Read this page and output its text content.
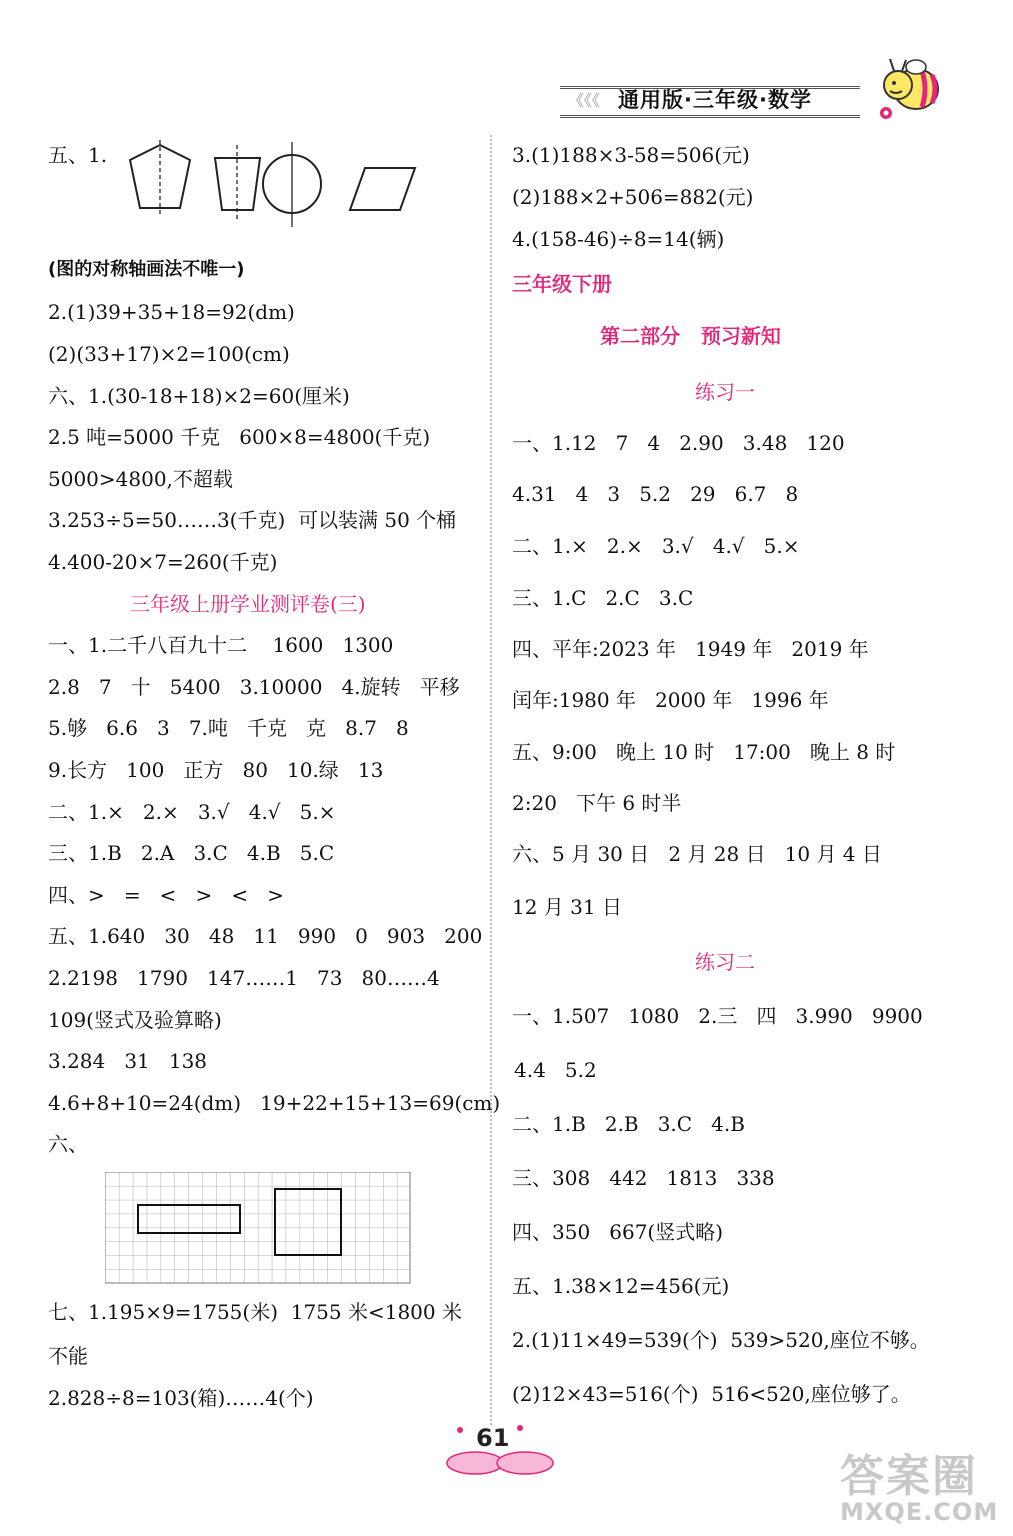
《《《 通用版·三年级·数学
五、1.
(图的对称轴画法不唯一)
2.(1)39+35+18=92(dm)
(2)(33+17)×2=100(cm)
六、1.(30-18+18)×2=60(厘米)
2.5 吨=5000 千克   600×8=4800(千克)
5000>4800,不超载
3.253÷5=50……3(千克)  可以装满 50 个桶
4.400-20×7=260(千克)
三年级上册学业测评卷(三)
一、1.二千八百九十二    1600   1300
2.8   7   十   5400   3.10000   4.旋转   平移
5.够   6.6   3   7.吨   千克   克   8.7   8
9.长方   100   正方   80   10.绿   13
二、1.×   2.×   3.√   4.√   5.×
三、1.B   2.A   3.C   4.B   5.C
四、>   =   <   >   <   >
五、1.640   30   48   11   990   0   903   200
2.2198   1790   147……1   73   80……4
109(竖式及验算略)
3.284   31   138
4.6+8+10=24(dm)   19+22+15+13=69(cm)
六、
七、1.195×9=1755(米)  1755 米<1800 米
不能
2.828÷8=103(箱)……4(个)
3.(1)188×3-58=506(元)
(2)188×2+506=882(元)
4.(158-46)÷8=14(辆)
三年级下册
第二部分   预习新知
练习一
一、1.12   7   4   2.90   3.48   120
4.31   4   3   5.2   29   6.7   8
二、1.×   2.×   3.√   4.√   5.×
三、1.C   2.C   3.C
四、平年:2023 年   1949 年   2019 年
闰年:1980 年   2000 年   1996 年
五、9:00   晚上 10 时   17:00   晚上 8 时
2:20   下午 6 时半
六、5 月 30 日   2 月 28 日   10 月 4 日
12 月 31 日
练习二
一、1.507   1080   2.三   四   3.990   9900
4.4   5.2
二、1.B   2.B   3.C   4.B
三、308   442   1813   338
四、350   667(竖式略)
五、1.38×12=456(元)
2.(1)11×49=539(个)  539>520,座位不够。
(2)12×43=516(个)  516<520,座位够了。
61
答案圈
MXQE.COM
